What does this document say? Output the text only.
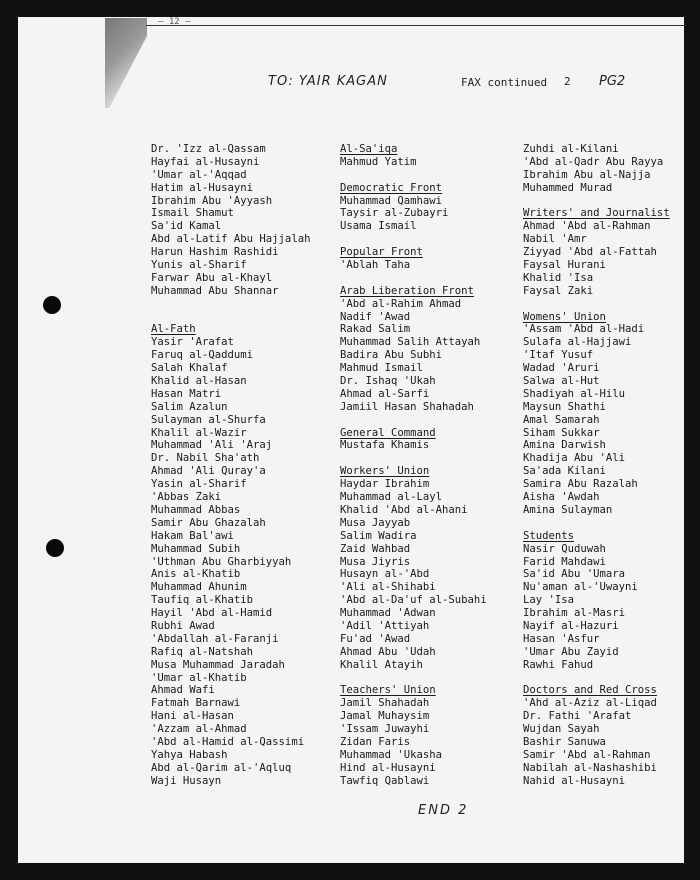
— 12 —
TO: YAIR KAGAN	FAX continued 2 PG2
Dr. 'Izz al-Qassam
Hayfai al-Husayni
'Umar al-'Aqqad
Hatim al-Husayni
Ibrahim Abu 'Ayyash
Ismail Shamut
Sa'id Kamal
Abd al-Latif Abu Hajjalah
Harun Hashim Rashidi
Yunis al-Sharif
Farwar Abu al-Khayl
Muhammad Abu Shannar
Al-Fath
Yasir 'Arafat
Faruq al-Qaddumi
Salah Khalaf
Khalid al-Hasan
Hasan Matri
Salim Azalun
Sulayman al-Shurfa
Khalil al-Wazir
Muhammad 'Ali 'Araj
Dr. Nabil Sha'ath
Ahmad 'Ali Quray'a
Yasin al-Sharif
'Abbas Zaki
Muhammad Abbas
Samir Abu Ghazalah
Hakam Bal'awi
Muhammad Subih
'Uthman Abu Gharbiyyah
Anis al-Khatib
Muhammad Ahunim
Taufiq al-Khatib
Hayil 'Abd al-Hamid
Rubhi Awad
'Abdallah al-Faranji
Rafiq al-Natshah
Musa Muhammad Jaradah
'Umar al-Khatib
Ahmad Wafi
Fatmah Barnawi
Hani al-Hasan
'Azzam al-Ahmad
'Abd al-Hamid al-Qassimi
Yahya Habash
Abd al-Qarim al-'Aqluq
Waji Husayn
Al-Sa'iqa
Mahmud Yatim
Democratic Front
Muhammad Qamhawi
Taysir al-Zubayri
Usama Ismail
Popular Front
'Ablah Taha
Arab Liberation Front
'Abd al-Rahim Ahmad
Nadif 'Awad
Rakad Salim
Muhammad Salih Attayah
Badira Abu Subhi
Mahmud Ismail
Dr. Ishaq 'Ukah
Ahmad al-Sarfi
Jamiil Hasan Shahadah
General Command
Mustafa Khamis
Workers' Union
Haydar Ibrahim
Muhammad al-Layl
Khalid 'Abd al-Ahani
Musa Jayyab
Salim Wadira
Zaid Wahbad
Musa Jiyris
Husayn al-'Abd
'Ali al-Shihabi
'Abd al-Da'uf al-Subahi
Muhammad 'Adwan
'Adil 'Attiyah
Fu'ad 'Awad
Ahmad Abu 'Udah
Khalil Atayih
Teachers' Union
Jamil Shahadah
Jamal Muhaysim
'Issam Juwayhi
Zidan Faris
Muhammad 'Ukasha
Hind al-Husayni
Tawfiq Qablawi
Zuhdi al-Kilani
'Abd al-Qadr Abu Rayya
Ibrahim Abu al-Najja
Muhammed Murad
Writers' and Journalist
Ahmad 'Abd al-Rahman
Nabil 'Amr
Ziyyad 'Abd al-Fattah
Faysal Hurani
Khalid 'Isa
Faysal Zaki
Womens' Union
'Assam 'Abd al-Hadi
Sulafa al-Hajjawi
'Itaf Yusuf
Wadad 'Aruri
Salwa al-Hut
Shadiyah al-Hilu
Maysun Shathi
Amal Samarah
Siham Sukkar
Amina Darwish
Khadija Abu 'Ali
Sa'ada Kilani
Samira Abu Razalah
Aisha 'Awdah
Amina Sulayman
Students
Nasir Quduwah
Farid Mahdawi
Sa'id Abu 'Umara
Nu'aman al-'Uwayni
Lay 'Isa
Ibrahim al-Masri
Nayif al-Hazuri
Hasan 'Asfur
'Umar Abu Zayid
Rawhi Fahud
Doctors and Red Cross
'Ahd al-Aziz al-Liqad
Dr. Fathi 'Arafat
Wujdan Sayah
Bashir Sanuwa
Samir 'Abd al-Rahman
Nabilah al-Nashashibi
Nahid al-Husayni
END 2
